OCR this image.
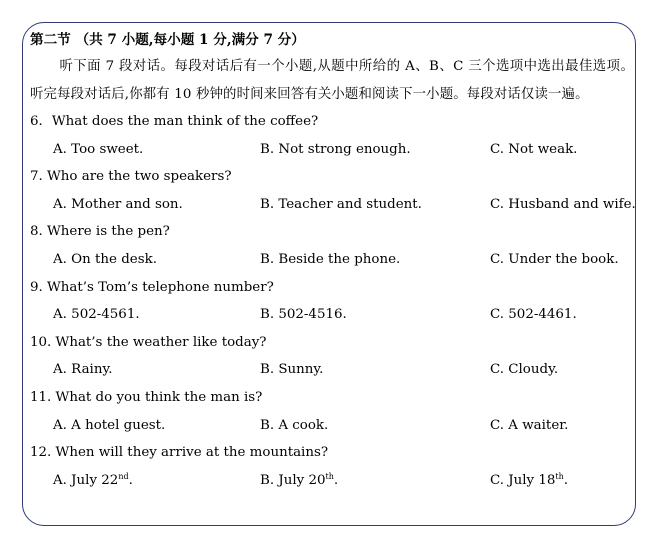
第二节 （共 7 小题,每小题 1 分,满分 7 分）
听下面 7 段对话。每段对话后有一个小题,从题中所给的 A、B、C 三个选项中选出最佳选项。听完每段对话后,你都有 10 秒钟的时间来回答有关小题和阅读下一小题。每段对话仅读一遍。
6．What does the man think of the coffee?
A. Too sweet.	B. Not strong enough.	C. Not weak.
7. Who are the two speakers?
A. Mother and son.	B. Teacher and student.	C. Husband and wife.
8. Where is the pen?
A. On the desk.	B. Beside the phone.	C. Under the book.
9. What’s Tom’s telephone number?
A. 502-4561.	B. 502-4516.	C. 502-4461.
10. What’s the weather like today?
A. Rainy.	B. Sunny.	C. Cloudy.
11. What do you think the man is?
A. A hotel guest.	B. A cook.	C. A waiter.
12. When will they arrive at the mountains?
A. July 22nd.	B. July 20th.	C. July 18th.
